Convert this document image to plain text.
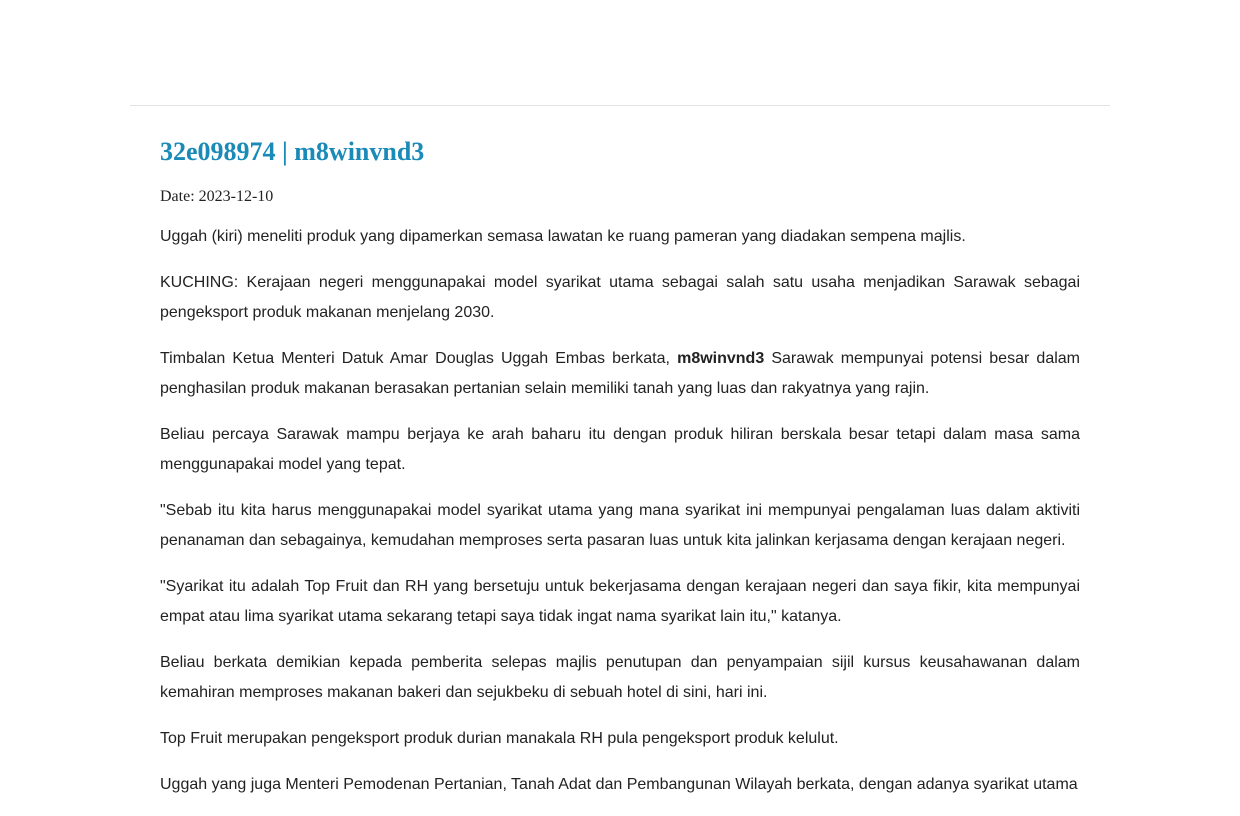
32e098974 | m8winvnd3

Date: 2023-12-10

Uggah (kiri) meneliti produk yang dipamerkan semasa lawatan ke ruang pameran yang diadakan sempena majlis.

KUCHING: Kerajaan negeri menggunapakai model syarikat utama sebagai salah satu usaha menjadikan Sarawak sebagai pengeksport produk makanan menjelang 2030.

Timbalan Ketua Menteri Datuk Amar Douglas Uggah Embas berkata, m8winvnd3 Sarawak mempunyai potensi besar dalam penghasilan produk makanan berasakan pertanian selain memiliki tanah yang luas dan rakyatnya yang rajin.

Beliau percaya Sarawak mampu berjaya ke arah baharu itu dengan produk hiliran berskala besar tetapi dalam masa sama menggunapakai model yang tepat.

"Sebab itu kita harus menggunapakai model syarikat utama yang mana syarikat ini mempunyai pengalaman luas dalam aktiviti penanaman dan sebagainya, kemudahan memproses serta pasaran luas untuk kita jalinkan kerjasama dengan kerajaan negeri.

"Syarikat itu adalah Top Fruit dan RH yang bersetuju untuk bekerjasama dengan kerajaan negeri dan saya fikir, kita mempunyai empat atau lima syarikat utama sekarang tetapi saya tidak ingat nama syarikat lain itu," katanya.

Beliau berkata demikian kepada pemberita selepas majlis penutupan dan penyampaian sijil kursus keusahawanan dalam kemahiran memproses makanan bakeri dan sejukbeku di sebuah hotel di sini, hari ini.

Top Fruit merupakan pengeksport produk durian manakala RH pula pengeksport produk kelulut.

Uggah yang juga Menteri Pemodenan Pertanian, Tanah Adat dan Pembangunan Wilayah berkata, dengan adanya syarikat utama
